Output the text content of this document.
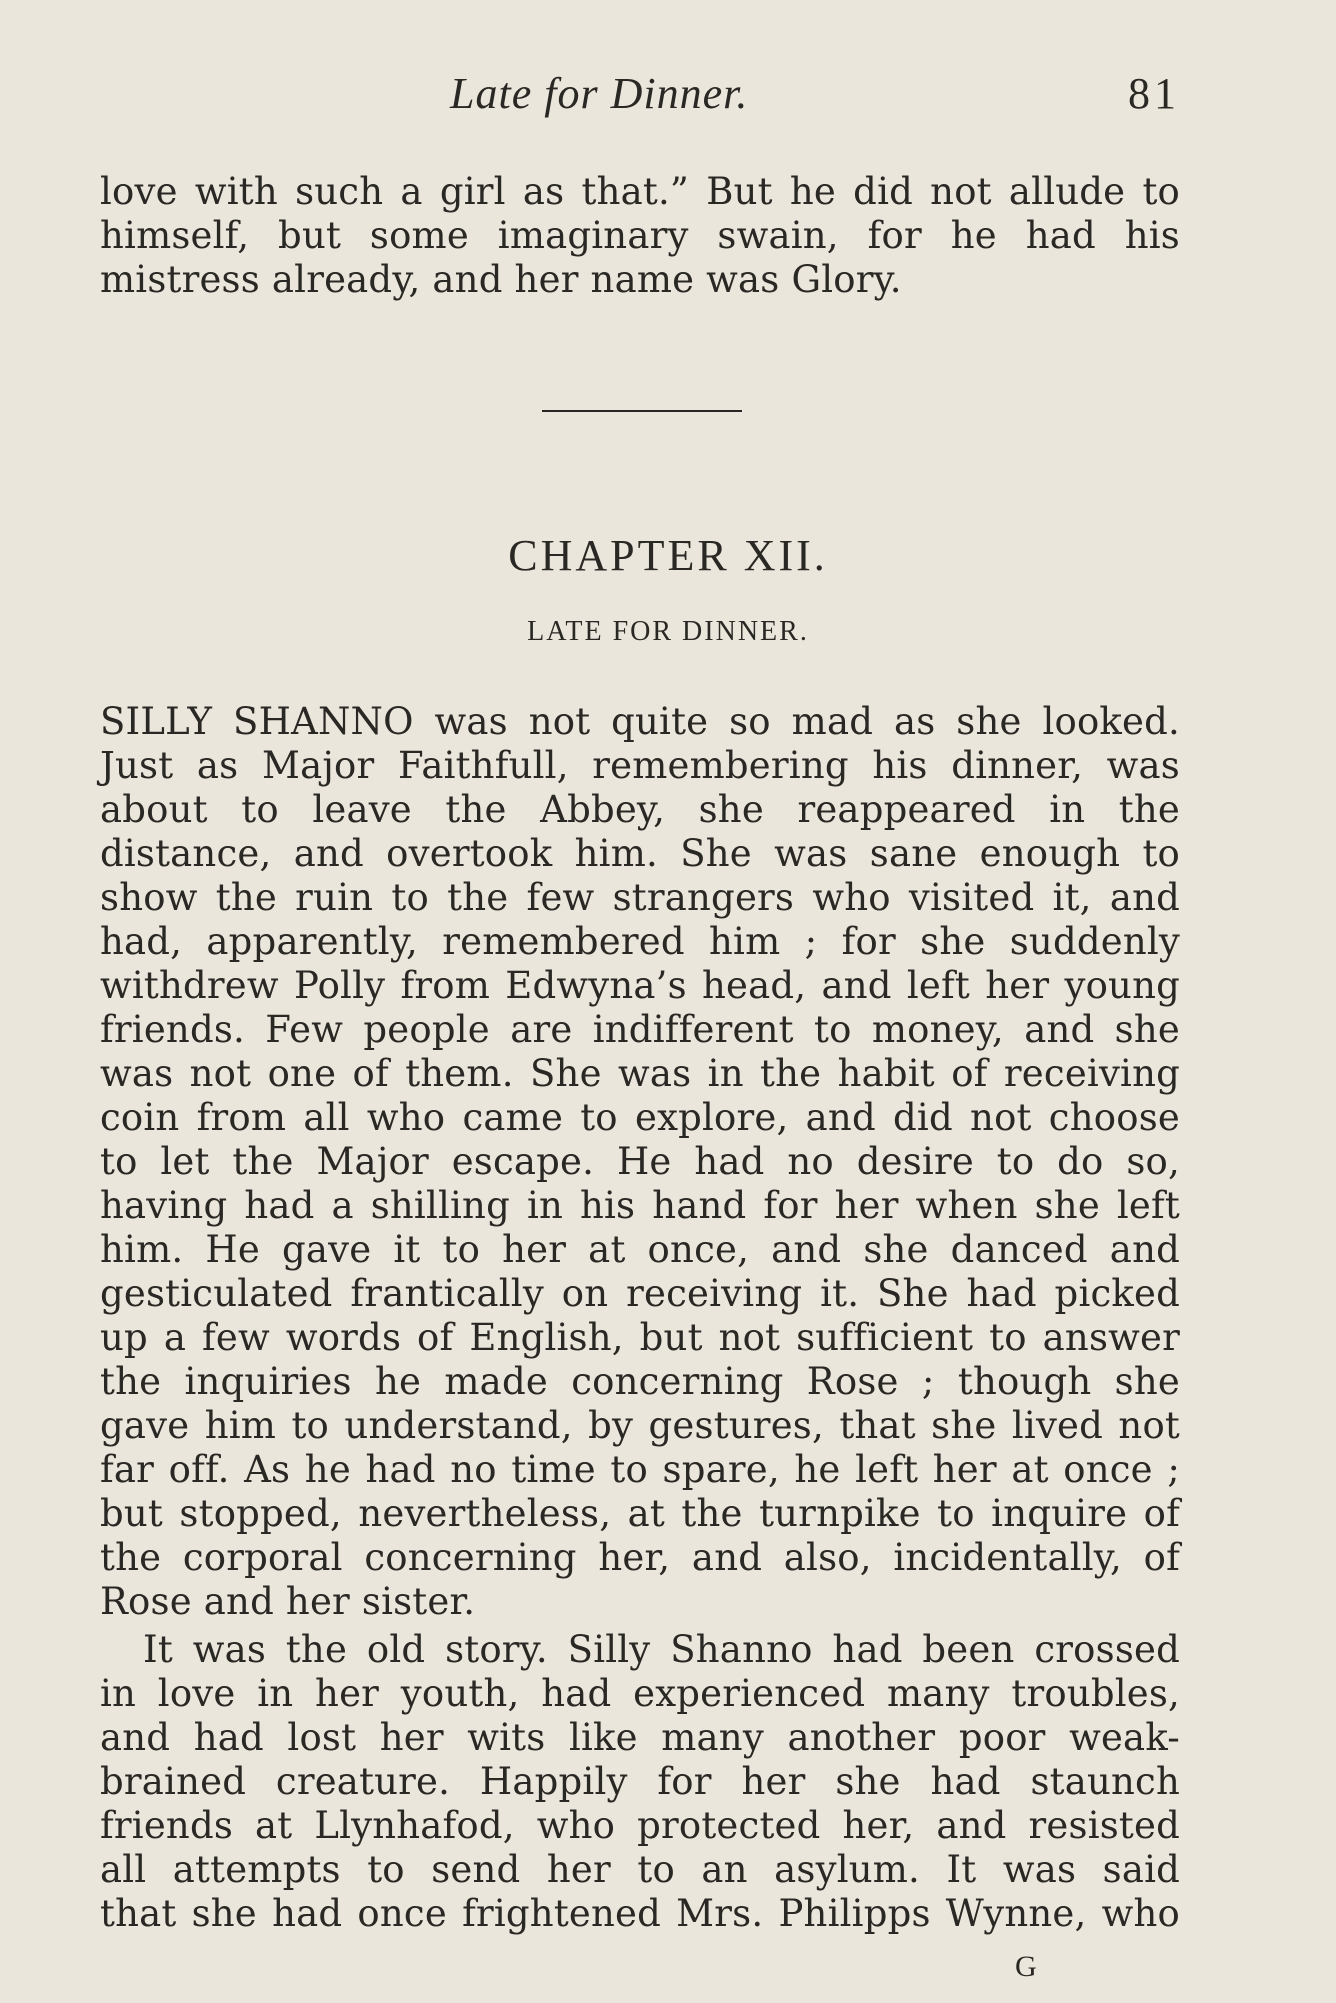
Late for Dinner.	81
love with such a girl as that.” But he did not allude to
himself, but some imaginary swain, for he had his
mistress already, and her name was Glory.
CHAPTER XII.
LATE FOR DINNER.
SILLY SHANNO was not quite so mad as she looked.
Just as Major Faithfull, remembering his dinner, was
about to leave the Abbey, she reappeared in the
distance, and overtook him. She was sane enough to
show the ruin to the few strangers who visited it, and
had, apparently, remembered him ; for she suddenly
withdrew Polly from Edwyna’s head, and left her young
friends. Few people are indifferent to money, and she
was not one of them. She was in the habit of receiving
coin from all who came to explore, and did not choose
to let the Major escape. He had no desire to do so,
having had a shilling in his hand for her when she left
him. He gave it to her at once, and she danced and
gesticulated frantically on receiving it. She had picked
up a few words of English, but not sufficient to answer
the inquiries he made concerning Rose ; though she
gave him to understand, by gestures, that she lived not
far off. As he had no time to spare, he left her at once ;
but stopped, nevertheless, at the turnpike to inquire of
the corporal concerning her, and also, incidentally, of
Rose and her sister.
It was the old story. Silly Shanno had been crossed
in love in her youth, had experienced many troubles,
and had lost her wits like many another poor weak-
brained creature. Happily for her she had staunch
friends at Llynhafod, who protected her, and resisted
all attempts to send her to an asylum. It was said
that she had once frightened Mrs. Philipps Wynne, who
G
